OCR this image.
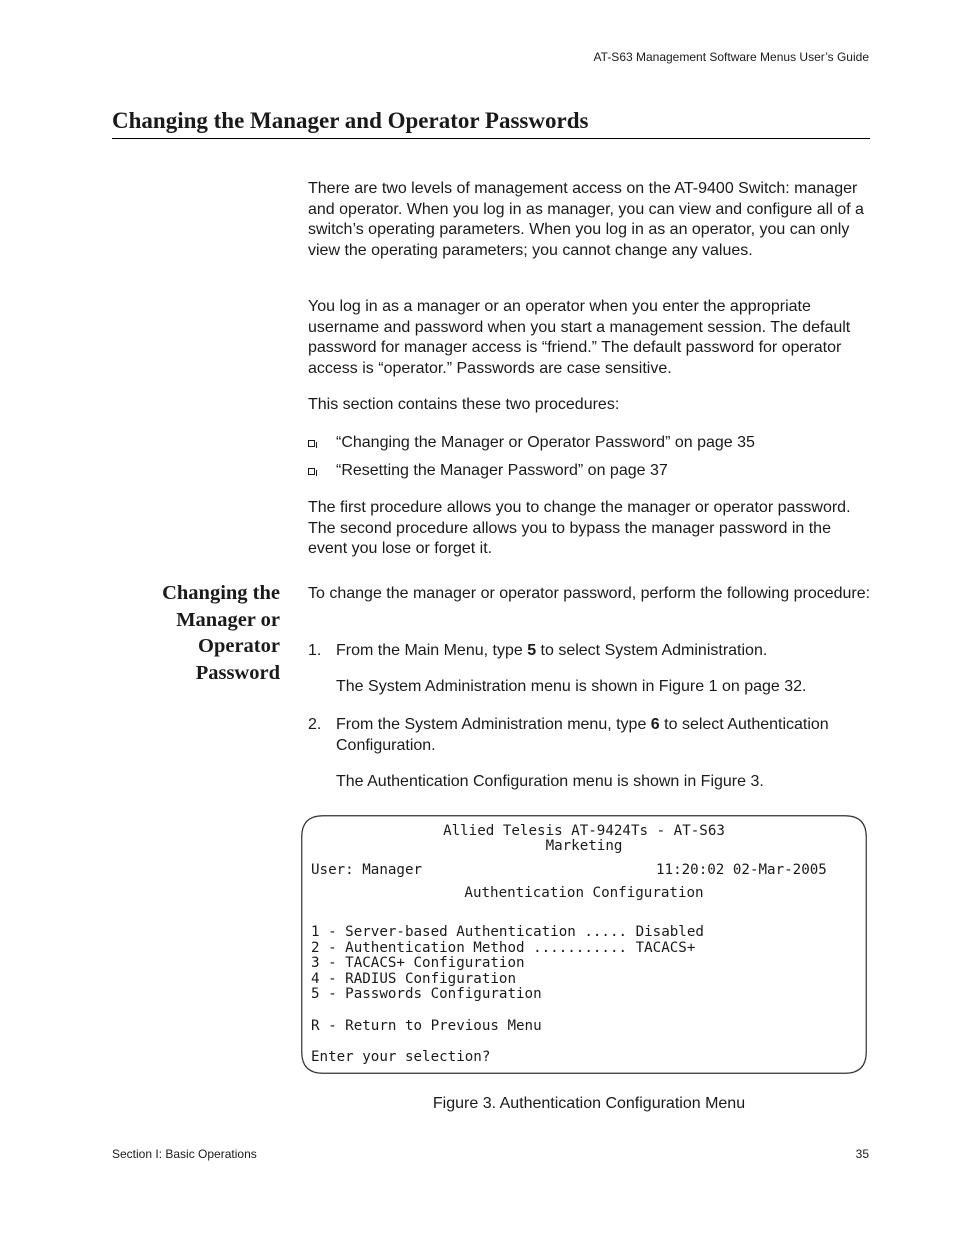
AT-S63 Management Software Menus User’s Guide
Changing the Manager and Operator Passwords

There are two levels of management access on the AT-9400 Switch: manager and operator. When you log in as manager, you can view and configure all of a switch’s operating parameters. When you log in as an operator, you can only view the operating parameters; you cannot change any values.

You log in as a manager or an operator when you enter the appropriate username and password when you start a management session. The default password for manager access is “friend.” The default password for operator access is “operator.” Passwords are case sensitive.

This section contains these two procedures:

“Changing the Manager or Operator Password” on page 35
“Resetting the Manager Password” on page 37

The first procedure allows you to change the manager or operator password. The second procedure allows you to bypass the manager password in the event you lose or forget it.

Changing the
Manager or
Operator
Password

To change the manager or operator password, perform the following procedure:

1. From the Main Menu, type 5 to select System Administration.
The System Administration menu is shown in Figure 1 on page 32.
2. From the System Administration menu, type 6 to select Authentication Configuration.
The Authentication Configuration menu is shown in Figure 3.
Allied Telesis AT-9424Ts - AT-S63
Marketing
User: Manager	11:20:02 02-Mar-2005
Authentication Configuration
1 - Server-based Authentication ..... Disabled
2 - Authentication Method ........... TACACS+
3 - TACACS+ Configuration
4 - RADIUS Configuration
5 - Passwords Configuration
R - Return to Previous Menu
Enter your selection?
Figure 3. Authentication Configuration Menu
Section I: Basic Operations	35
